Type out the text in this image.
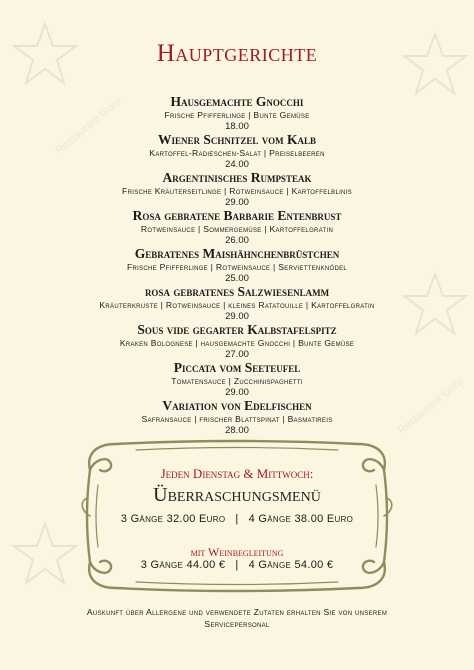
Restaurant Guru
Restaurant Guru
Hauptgerichte
Hausgemachte Gnocchi
Frische Pfifferlinge | Bunte Gemüse
18.00
Wiener Schnitzel vom Kalb
Kartoffel-Radieschen-Salat | Preiselbeeren
24.00
Argentinisches Rumpsteak
Frische Kräuterseitlinge | Rotweinsauce | Kartoffelblinis
29.00
Rosa gebratene Barbarie Entenbrust
Rotweinsauce | Sommergemüse | Kartoffelgratin
26.00
Gebratenes Maishähnchenbrüstchen
Frische Pfifferlinge | Rotweinsauce | Serviettenknödel
25.00
rosa gebratenes Salzwiesenlamm
Kräuterkruste | Rotweinsauce | kleines Ratatouille | Kartoffelgratin
29.00
Sous vide gegarter Kalbstafelspitz
Kraken Bolognese | hausgemachte Gnocchi | Bunte Gemüse
27.00
Piccata vom Seeteufel
Tomatensauce | Zucchinispaghetti
29.00
Variation von Edelfischen
Safransauce | frischer Blattspinat | Basmatireis
28.00
Jeden Dienstag & Mittwoch:
Überraschungsmenü
3 Gänge 32.00 Euro   |   4 Gänge 38.00 Euro
mit Weinbegleitung
3 Gänge 44.00 €   |   4 Gänge 54.00 €
Auskunft über Allergene und verwendete Zutaten erhalten Sie von unserem Servicepersonal
